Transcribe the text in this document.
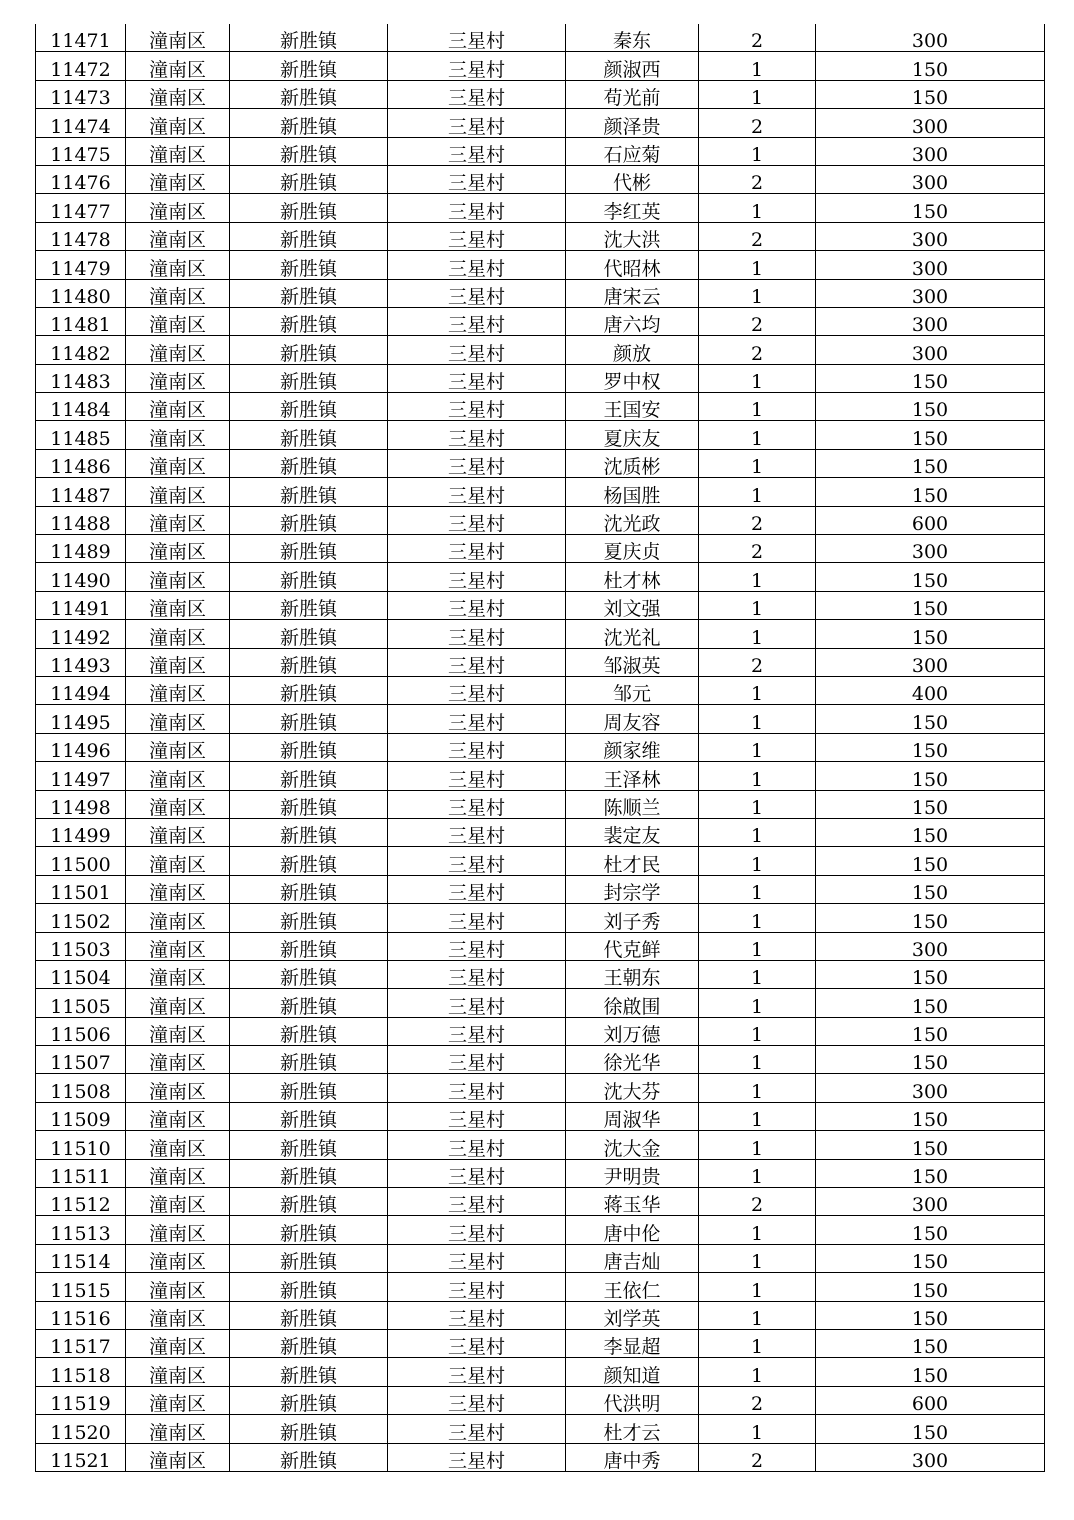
11471	潼南区	新胜镇	三星村	秦东	2	300
11472	潼南区	新胜镇	三星村	颜淑西	1	150
11473	潼南区	新胜镇	三星村	苟光前	1	150
11474	潼南区	新胜镇	三星村	颜泽贵	2	300
11475	潼南区	新胜镇	三星村	石应菊	1	300
11476	潼南区	新胜镇	三星村	代彬	2	300
11477	潼南区	新胜镇	三星村	李红英	1	150
11478	潼南区	新胜镇	三星村	沈大洪	2	300
11479	潼南区	新胜镇	三星村	代昭林	1	300
11480	潼南区	新胜镇	三星村	唐宋云	1	300
11481	潼南区	新胜镇	三星村	唐六均	2	300
11482	潼南区	新胜镇	三星村	颜放	2	300
11483	潼南区	新胜镇	三星村	罗中权	1	150
11484	潼南区	新胜镇	三星村	王国安	1	150
11485	潼南区	新胜镇	三星村	夏庆友	1	150
11486	潼南区	新胜镇	三星村	沈质彬	1	150
11487	潼南区	新胜镇	三星村	杨国胜	1	150
11488	潼南区	新胜镇	三星村	沈光政	2	600
11489	潼南区	新胜镇	三星村	夏庆贞	2	300
11490	潼南区	新胜镇	三星村	杜才林	1	150
11491	潼南区	新胜镇	三星村	刘文强	1	150
11492	潼南区	新胜镇	三星村	沈光礼	1	150
11493	潼南区	新胜镇	三星村	邹淑英	2	300
11494	潼南区	新胜镇	三星村	邹元	1	400
11495	潼南区	新胜镇	三星村	周友容	1	150
11496	潼南区	新胜镇	三星村	颜家维	1	150
11497	潼南区	新胜镇	三星村	王泽林	1	150
11498	潼南区	新胜镇	三星村	陈顺兰	1	150
11499	潼南区	新胜镇	三星村	裴定友	1	150
11500	潼南区	新胜镇	三星村	杜才民	1	150
11501	潼南区	新胜镇	三星村	封宗学	1	150
11502	潼南区	新胜镇	三星村	刘子秀	1	150
11503	潼南区	新胜镇	三星村	代克鲜	1	300
11504	潼南区	新胜镇	三星村	王朝东	1	150
11505	潼南区	新胜镇	三星村	徐啟围	1	150
11506	潼南区	新胜镇	三星村	刘万德	1	150
11507	潼南区	新胜镇	三星村	徐光华	1	150
11508	潼南区	新胜镇	三星村	沈大芬	1	300
11509	潼南区	新胜镇	三星村	周淑华	1	150
11510	潼南区	新胜镇	三星村	沈大金	1	150
11511	潼南区	新胜镇	三星村	尹明贵	1	150
11512	潼南区	新胜镇	三星村	蒋玉华	2	300
11513	潼南区	新胜镇	三星村	唐中伦	1	150
11514	潼南区	新胜镇	三星村	唐吉灿	1	150
11515	潼南区	新胜镇	三星村	王依仁	1	150
11516	潼南区	新胜镇	三星村	刘学英	1	150
11517	潼南区	新胜镇	三星村	李显超	1	150
11518	潼南区	新胜镇	三星村	颜知道	1	150
11519	潼南区	新胜镇	三星村	代洪明	2	600
11520	潼南区	新胜镇	三星村	杜才云	1	150
11521	潼南区	新胜镇	三星村	唐中秀	2	300
